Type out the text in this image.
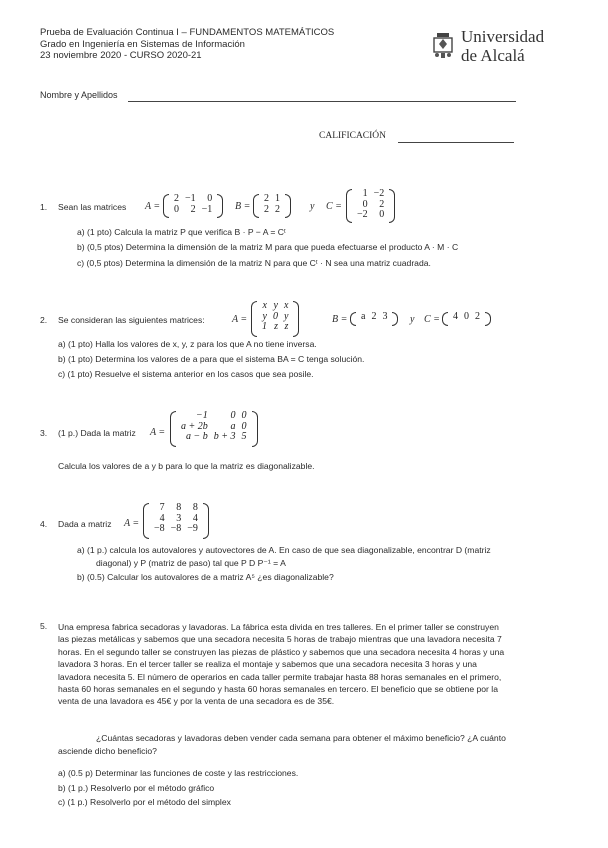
Prueba de Evaluación Continua I – FUNDAMENTOS MATEMÁTICOS
Grado en Ingeniería en Sistemas de Información
23 noviembre 2020 - CURSO 2020-21
Universidad
de Alcalá
Nombre y Apellidos
CALIFICACIÓN
1. Sean las matrices A =
2	−1	0
0	2	−1 B =
2	1
2	2	y C =
1	−2
0	2
−2	0
a) (1 pto) Calcula la matriz P que verifica B · P − A = Cᵗ
b) (0,5 ptos) Determina la dimensión de la matriz M para que pueda efectuarse el producto A · M · C
c) (0,5 ptos) Determina la dimensión de la matriz N para que Cᵗ · N sea una matriz cuadrada.
2. Se consideran las siguientes matrices:	A =
x	y	x
y	0	y
1	z	z
B = a	2	3 y C = 4	0	2
a) (1 pto) Halla los valores de x, y, z para los que A no tiene inversa.
b) (1 pto) Determina los valores de a para que el sistema BA = C tenga solución.
c) (1 pto) Resuelve el sistema anterior en los casos que sea posile.
3. (1 p.) Dada la matriz A =
−1	0	0
a + 2b	a	0
a − b	b + 3	5
Calcula los valores de a y b para lo que la matriz es diagonalizable.
4. Dada a matriz A =
7	8	8
4	3	4
−8	−8	−9
a) (1 p.) calcula los autovalores y autovectores de A. En caso de que sea diagonalizable, encontrar D (matriz
diagonal) y P (matriz de paso) tal que P D P⁻¹ = A
b) (0.5) Calcular los autovalores de a matriz A⁵ ¿es diagonalizable?
5. Una empresa fabrica secadoras y lavadoras. La fábrica esta divida en tres talleres. En el primer taller se construyen
las piezas metálicas y sabemos que una secadora necesita 5 horas de trabajo mientras que una lavadora necesita 7
horas. En el segundo taller se construyen las piezas de plástico y sabemos que una secadora necesita 4 horas y una
lavadora 3 horas. En el tercer taller se realiza el montaje y sabemos que una secadora necesita 3 horas y una
lavadora necesita 5. El número de operarios en cada taller permite trabajar hasta 88 horas semanales en el primero,
hasta 60 horas semanales en el segundo y hasta 60 horas semanales en tercero. El beneficio que se obtiene por la
venta de una lavadora es 45€ y por la venta de una secadora es de 35€.
¿Cuántas secadoras y lavadoras deben vender cada semana para obtener el máximo beneficio? ¿A cuánto
asciende dicho beneficio?
a) (0.5 p) Determinar las funciones de coste y las restricciones.
b) (1 p.) Resolverlo por el método gráfico
c) (1 p.) Resolverlo por el método del simplex
